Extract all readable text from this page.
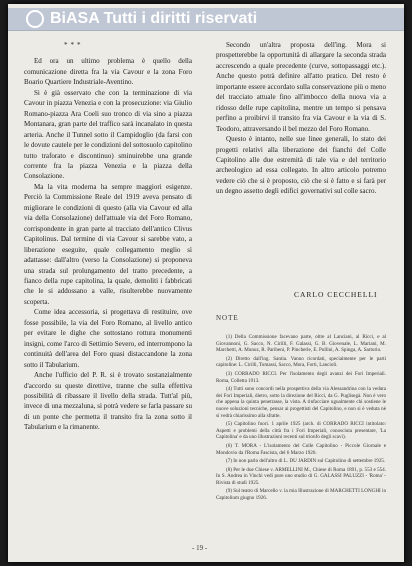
BiASA Tutti i diritti riservati

***

Ed ora un ultimo problema è quello della comunicazione diretta fra la via Cavour e la zona Foro Boario Quartiere Industriale-Aventino.

Si è già osservato che con la terminazione di via Cavour in piazza Venezia e con la prosecuzione: via Giulio Romano-piazza Ara Coeli suo tronco di via sino a piazza Montanara, gran parte del traffico sarà incanalato in questa arteria. Anche il Tunnel sotto il Campidoglio (da farsi con le dovute cautele per le condizioni del sottosuolo capitolino tutto traforato e discontinuo) sminuirebbe una grande corrente fra la piazza Venezia e la piazza della Consolazione.

Ma la vita moderna ha sempre maggiori esigenze. Perciò la Commissione Reale del 1919 aveva pensato di migliorare le condizioni di questo (alla via Cavour ed alla via della Consolazione) dell'attuale via del Foro Romano, corrispondente in gran parte al tracciato dell'antico Clivus Capitolinus. Dal termine di via Cavour si sarebbe vato, a liberazione eseguite, quale collegamento meglio sì adattasse: dall'altro (verso la Consolazione) si proponeva una strada sul prolungamento del tratto precedente, a fianco della rupe capitolina, la quale, demoliti i fabbricati che le si addossano a valle, risulterebbe nuovamente scoperta.

Come idea accessoria, si progettava di restituire, ove fosse possibile, la via del Foro Romano, al livello antico per evitare le dighe che sottostano rottura monumenti insigni, come l'arco di Settimio Severo, ed interrompono la continuità dell'area del Foro quasi distaccandone la zona sotto il Tabularium.

Anche l'ufficio del P. R. si è trovato sostanzialmente d'accordo su queste direttive, tranne che sulla effettiva possibilità di ribassare il livello della strada. Tutt'al più, invece di una mezzaluna, si potrà vedere se farla passare su di un ponte che permetta il transito fra la zona sotto il Tabularium e la rimanente.

Secondo un'altra proposta dell'ing. Mora si prospetterebbe la opportunità di allargare la seconda strada accrescendo a quale precedente (curve, sottopassaggi etc.). Anche questo potrà definire all'atto pratico. Del resto è importante essere accordato sulla conservazione più o meno del tracciato attuale fino all'imbocco della nuova via a ridosso delle rupe capitolina, mentre un tempo si pensava perfino a proibirvi il transito fra via Cavour e la via di S. Teodoro, attraversando il bel mezzo del Foro Romano.

Questo è intanto, nelle sue linee generali, lo stato dei progetti relativi alla liberazione dei fianchi del Colle Capitolino alle due estremità di tale via e del territorio archeologico ad essa collegato. In altro articolo potremo vedere ciò che si è proposto, ciò che si è fatto e si farà per un degno assetto degli edifici governativi sul colle sacro.

CARLO CECCHELLI
NOTE

(1) Della Commissione facevano parte, oltre al Lanciani, al Ricci, e al Giovannoni, G. Sacco, N. Cirilli, F. Galassi, G. B. Giovenale, L. Mariani, M. Marchetti, A. Munoz, R. Paribeni, P. Pincherle, E. Pullini, A. Spinga, A. Sartorio.

(2) Diretto dall'ing. Santia. Vanno ricordati, specialmente per le parti capitoline: L. Cirilli, Tomassi, Sacco, Mora, Forti, Lancioli.

(3) CORRADO RICCI. Per l'isolamento degli avanzi dei Fori Imperiali. Roma, Colletta 1913.

(4) Tutti sono concordi nella prospettiva della via Alessandrina con la veduta dei Fori Imperiali, dietro, sotto la direzione del Ricci, da G. Puglisegà. Non è vero che appena la quinta penetrasse, la vista. A rinfacciare ugualmente chi sostiene le nuove soluzioni tecniche, pensar ai progettisti del Capitolino, e non si è veduta nè si vedrà chiarissimo alla sfratte.

(5) Capitolino fuori. 1 aprile 1925 (arch. di CORRADO RICCI intitolato: Aspetti e problemi della città fra i Fori Imperiali, conosciuta presentare, 'La Capitolina' e da uno illustrazioni recenti sul trionfo degli scavi).

(6) T. MORA - L'isolamento del Colle Capitolino - Piccole Giornale e Mondovio da l'Roma Fascista, del 6 Marzo 1926.

(7) In non parlo dell'altro di L. DU JARDIN sul Capitolino di settembre 1925.

(8) Per le due Chiese v. ARMELLINI M., Chiese di Roma 1891, p. 553 e 554. In S. Andrea in Vinchi vedi pure uno studio di G. GALASSI PALUZZI - 'Roma' - Rivista di studi 1925.

(9) Sul teatro di Marcello v. la mia Illustrazione di MARCHETTI LONGHI in Capitolium giugno 1926.

- 19 -
